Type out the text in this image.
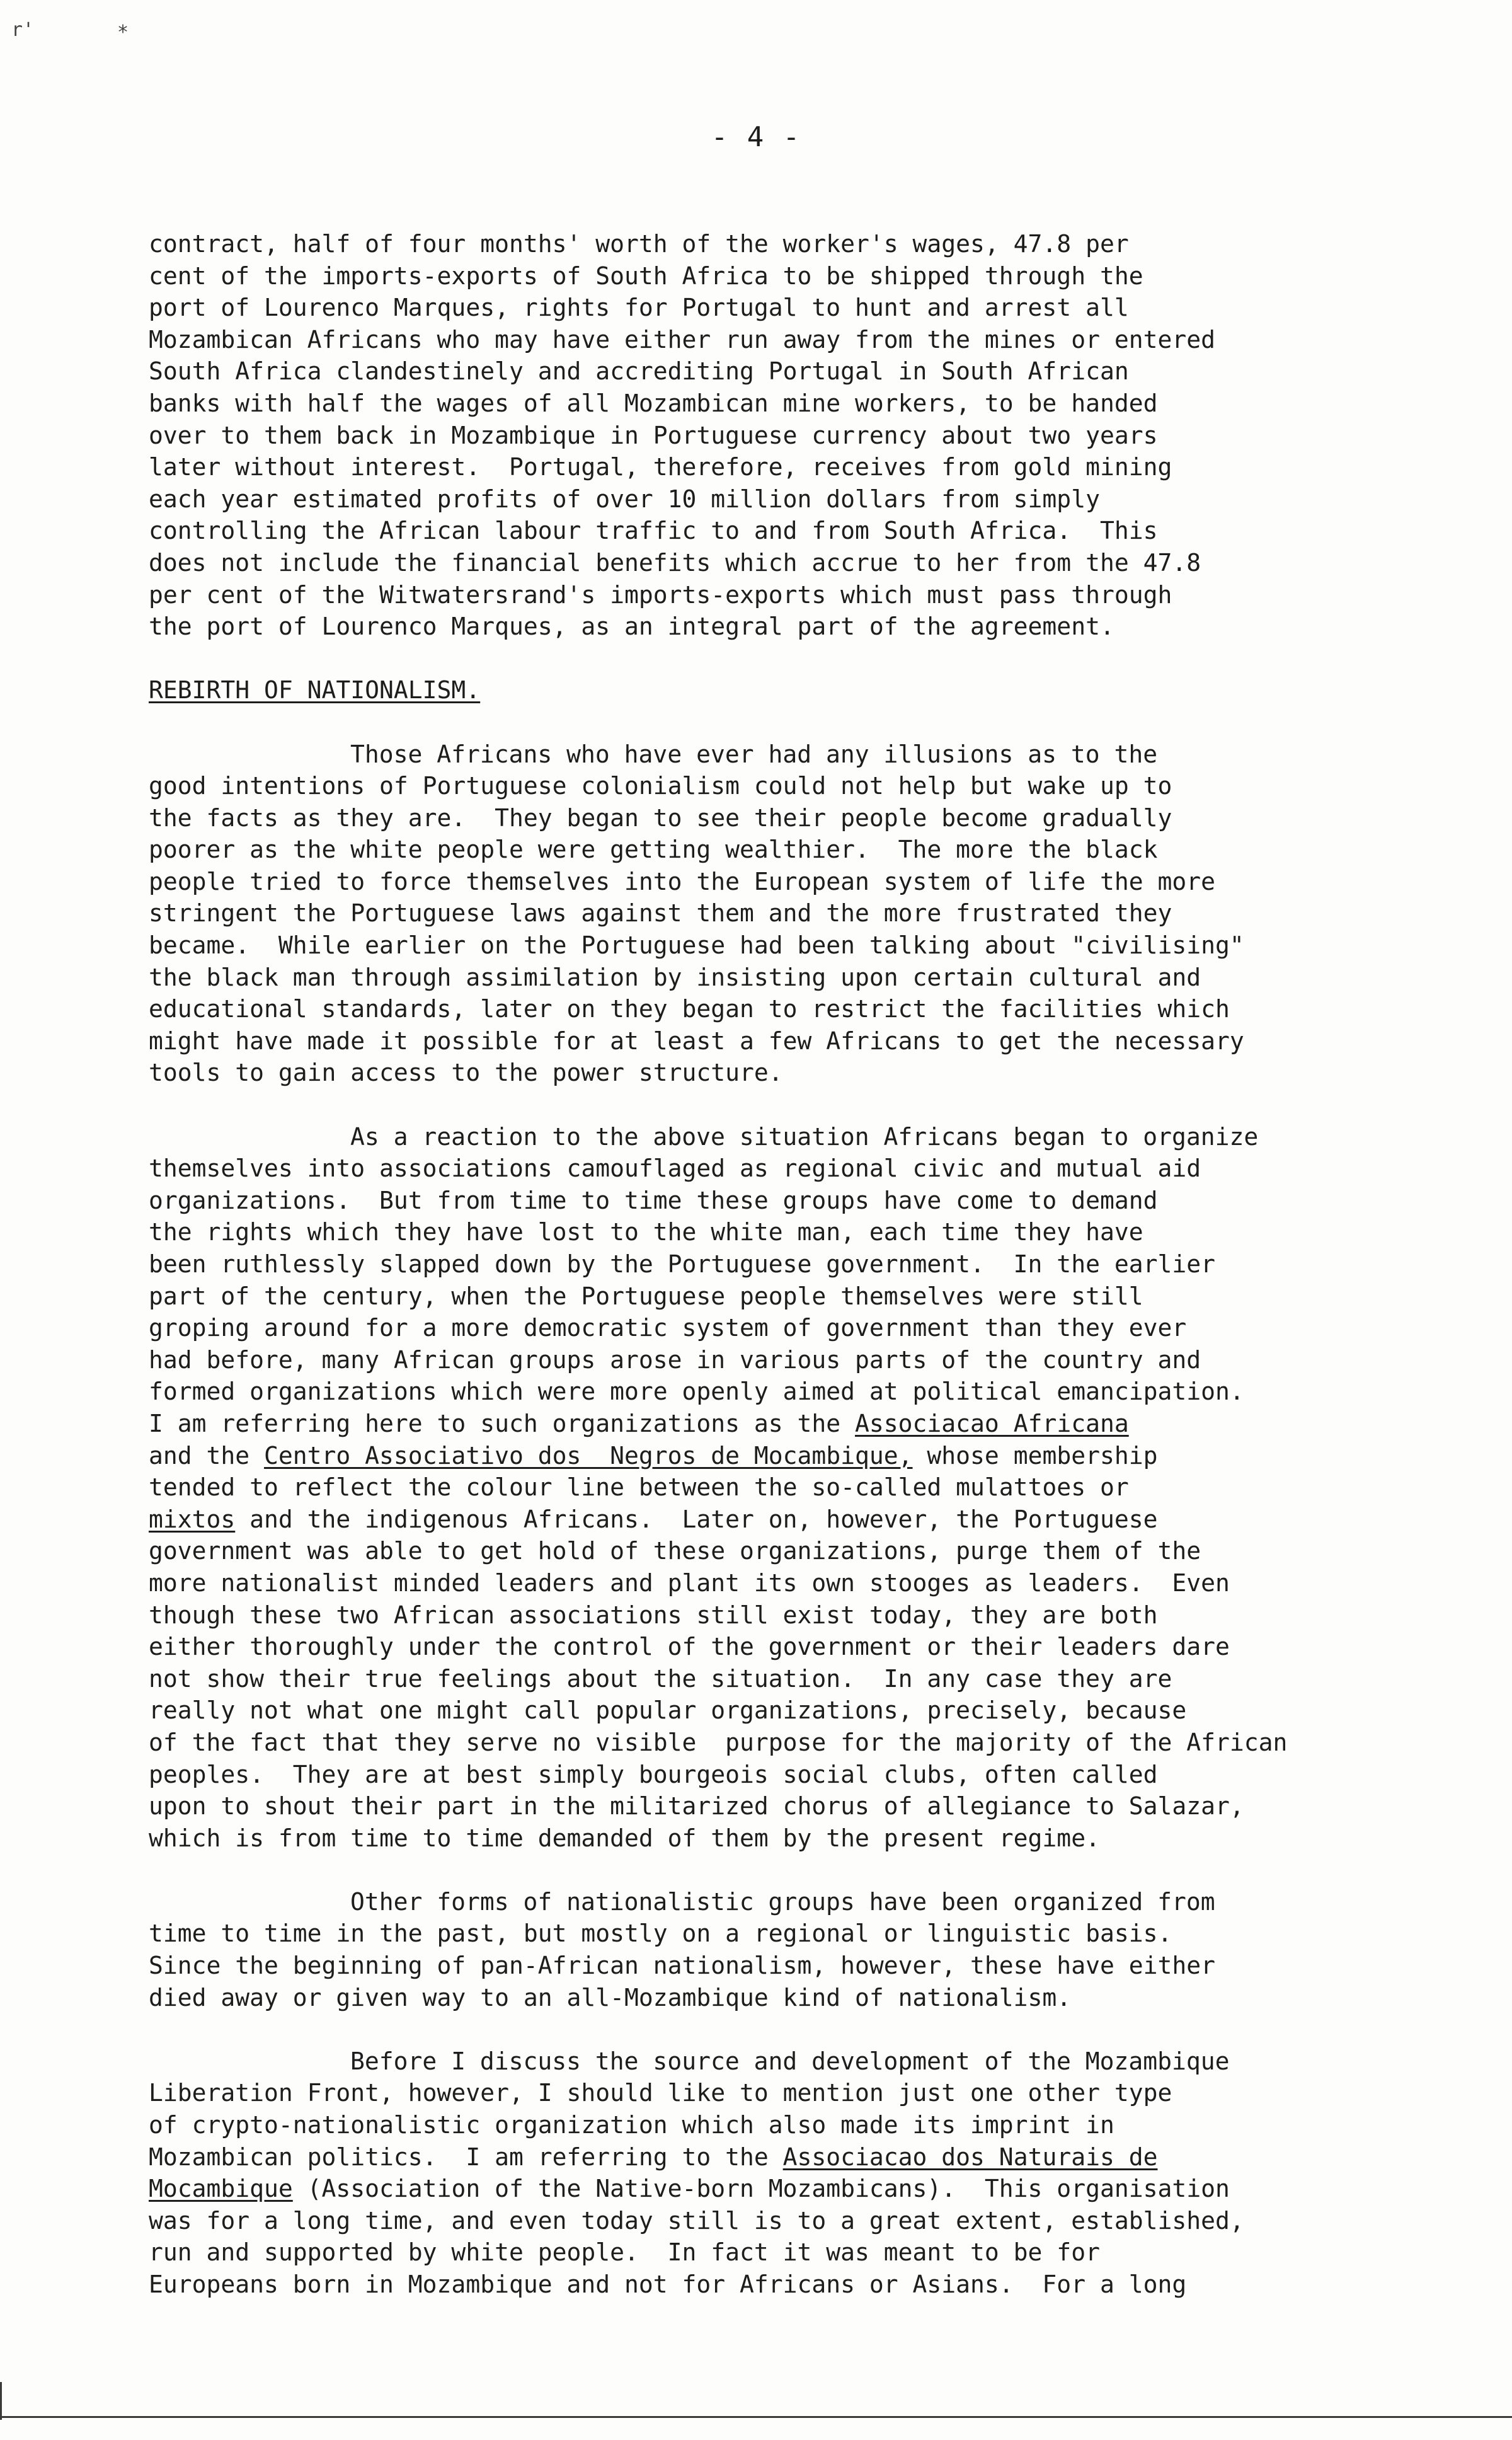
r'	*
- 4 -
contract, half of four months' worth of the worker's wages, 47.8 per
cent of the imports-exports of South Africa to be shipped through the
port of Lourenco Marques, rights for Portugal to hunt and arrest all
Mozambican Africans who may have either run away from the mines or entered
South Africa clandestinely and accrediting Portugal in South African
banks with half the wages of all Mozambican mine workers, to be handed
over to them back in Mozambique in Portuguese currency about two years
later without interest.  Portugal, therefore, receives from gold mining
each year estimated profits of over 10 million dollars from simply
controlling the African labour traffic to and from South Africa.  This
does not include the financial benefits which accrue to her from the 47.8
per cent of the Witwatersrand's imports-exports which must pass through
the port of Lourenco Marques, as an integral part of the agreement.
REBIRTH OF NATIONALISM.
Those Africans who have ever had any illusions as to the
good intentions of Portuguese colonialism could not help but wake up to
the facts as they are.  They began to see their people become gradually
poorer as the white people were getting wealthier.  The more the black
people tried to force themselves into the European system of life the more
stringent the Portuguese laws against them and the more frustrated they
became.  While earlier on the Portuguese had been talking about "civilising"
the black man through assimilation by insisting upon certain cultural and
educational standards, later on they began to restrict the facilities which
might have made it possible for at least a few Africans to get the necessary
tools to gain access to the power structure.
As a reaction to the above situation Africans began to organize
themselves into associations camouflaged as regional civic and mutual aid
organizations.  But from time to time these groups have come to demand
the rights which they have lost to the white man, each time they have
been ruthlessly slapped down by the Portuguese government.  In the earlier
part of the century, when the Portuguese people themselves were still
groping around for a more democratic system of government than they ever
had before, many African groups arose in various parts of the country and
formed organizations which were more openly aimed at political emancipation.
I am referring here to such organizations as the Associacao Africana
and the Centro Associativo dos  Negros de Mocambique, whose membership
tended to reflect the colour line between the so-called mulattoes or
mixtos and the indigenous Africans.  Later on, however, the Portuguese
government was able to get hold of these organizations, purge them of the
more nationalist minded leaders and plant its own stooges as leaders.  Even
though these two African associations still exist today, they are both
either thoroughly under the control of the government or their leaders dare
not show their true feelings about the situation.  In any case they are
really not what one might call popular organizations, precisely, because
of the fact that they serve no visible  purpose for the majority of the African
peoples.  They are at best simply bourgeois social clubs, often called
upon to shout their part in the militarized chorus of allegiance to Salazar,
which is from time to time demanded of them by the present regime.
Other forms of nationalistic groups have been organized from
time to time in the past, but mostly on a regional or linguistic basis.
Since the beginning of pan-African nationalism, however, these have either
died away or given way to an all-Mozambique kind of nationalism.
Before I discuss the source and development of the Mozambique
Liberation Front, however, I should like to mention just one other type
of crypto-nationalistic organization which also made its imprint in
Mozambican politics.  I am referring to the Associacao dos Naturais de
Mocambique (Association of the Native-born Mozambicans).  This organisation
was for a long time, and even today still is to a great extent, established,
run and supported by white people.  In fact it was meant to be for
Europeans born in Mozambique and not for Africans or Asians.  For a long
